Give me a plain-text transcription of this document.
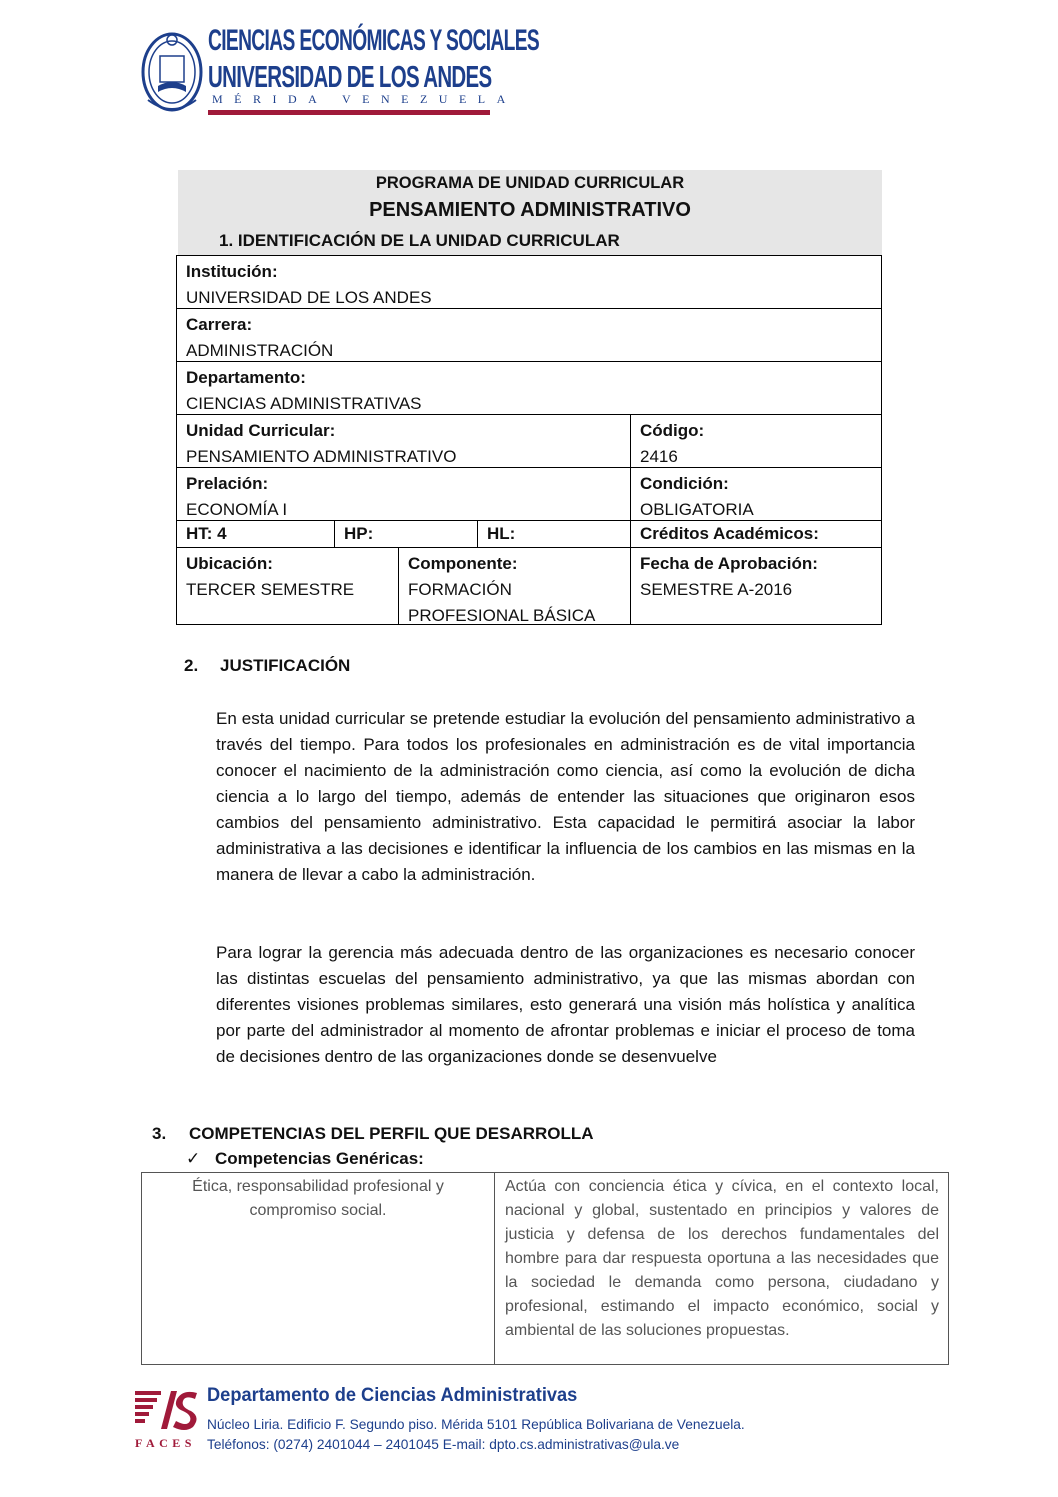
CIENCIAS ECONÓMICAS Y SOCIALES
UNIVERSIDAD DE LOS ANDES
MÉRIDA VENEZUELA
PROGRAMA DE UNIDAD CURRICULAR
PENSAMIENTO ADMINISTRATIVO
1. IDENTIFICACIÓN DE LA UNIDAD CURRICULAR
Institución:
UNIVERSIDAD DE LOS ANDES
Carrera:
ADMINISTRACIÓN
Departamento:
CIENCIAS ADMINISTRATIVAS
Unidad Curricular:
PENSAMIENTO ADMINISTRATIVO
Código:
2416
Prelación:
ECONOMÍA I
Condición:
OBLIGATORIA
HT: 4	HP:	HL:	Créditos Académicos:
Ubicación:
TERCER SEMESTRE
Componente:
FORMACIÓN PROFESIONAL BÁSICA
Fecha de Aprobación:
SEMESTRE A-2016
2. JUSTIFICACIÓN
En esta unidad curricular se pretende estudiar la evolución del pensamiento administrativo a través del tiempo. Para todos los profesionales en administración es de vital importancia conocer el nacimiento de la administración como ciencia, así como la evolución de dicha ciencia a lo largo del tiempo, además de entender las situaciones que originaron esos cambios del pensamiento administrativo. Esta capacidad le permitirá asociar la labor administrativa a las decisiones e identificar la influencia de los cambios en las mismas en la manera de llevar a cabo la administración.
Para lograr la gerencia más adecuada dentro de las organizaciones es necesario conocer las distintas escuelas del pensamiento administrativo, ya que las mismas abordan con diferentes visiones problemas similares, esto generará una visión más holística y analítica por parte del administrador al momento de afrontar problemas e iniciar el proceso de toma de decisiones dentro de las organizaciones donde se desenvuelve
3. COMPETENCIAS DEL PERFIL QUE DESARROLLA
✓ Competencias Genéricas:
Ética, responsabilidad profesional y compromiso social.
Actúa con conciencia ética y cívica, en el contexto local, nacional y global, sustentado en principios y valores de justicia y defensa de los derechos fundamentales del hombre para dar respuesta oportuna a las necesidades que la sociedad le demanda como persona, ciudadano y profesional, estimando el impacto económico, social y ambiental de las soluciones propuestas.
FACES
Departamento de Ciencias Administrativas
Núcleo Liria. Edificio F. Segundo piso. Mérida 5101 República Bolivariana de Venezuela.
Teléfonos: (0274) 2401044 – 2401045 E-mail: dpto.cs.administrativas@ula.ve
